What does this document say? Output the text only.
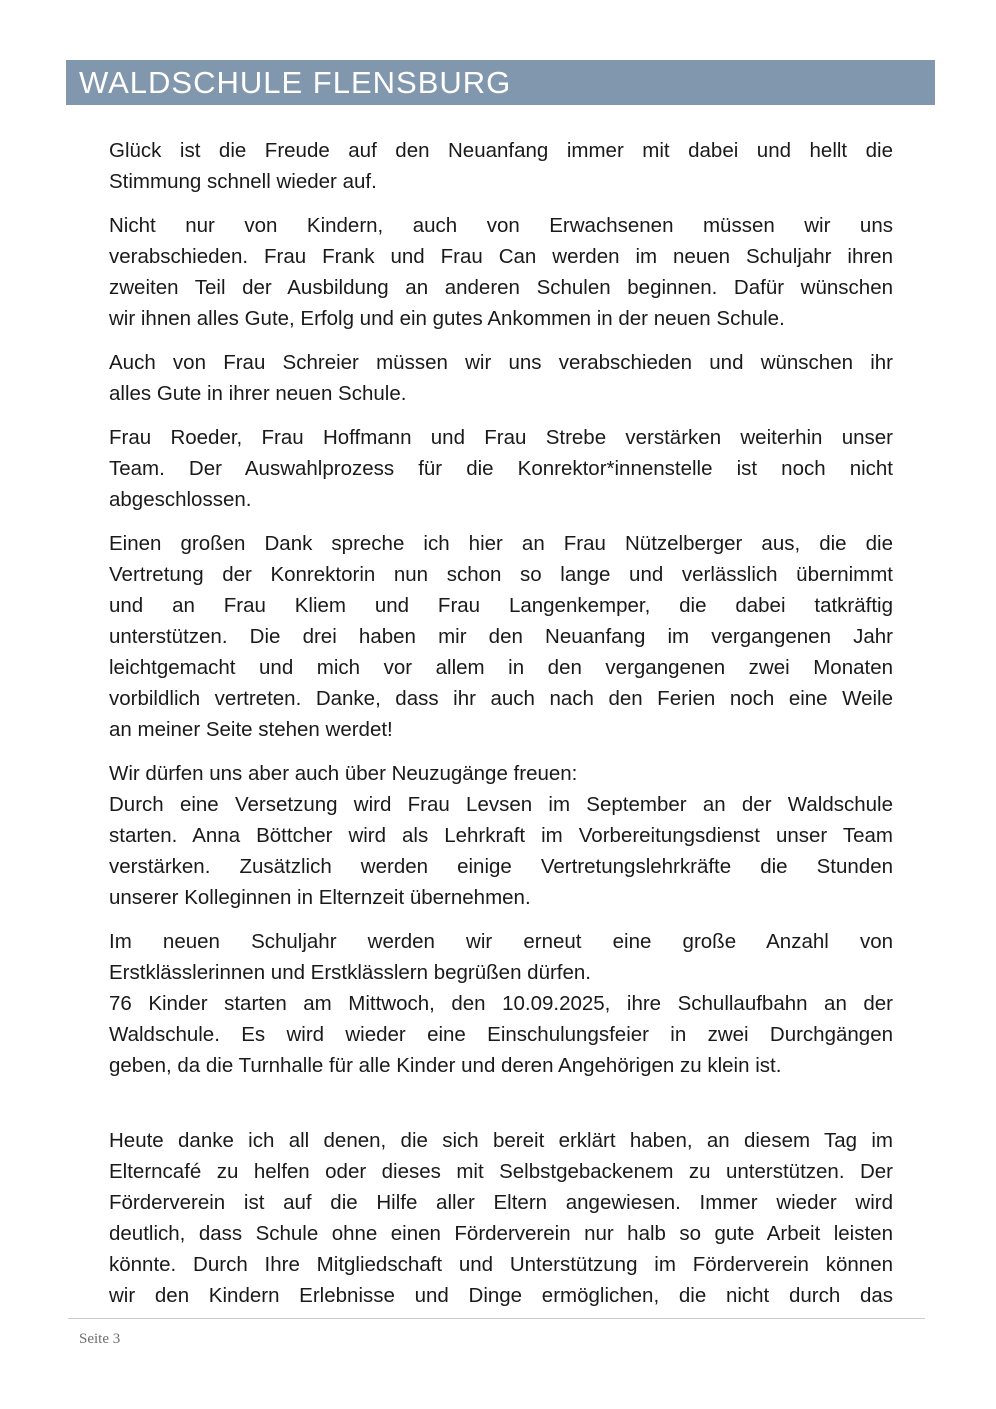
WALDSCHULE FLENSBURG
Glück ist die Freude auf den Neuanfang immer mit dabei und hellt die
Stimmung schnell wieder auf.
Nicht nur von Kindern, auch von Erwachsenen müssen wir uns
verabschieden. Frau Frank und Frau Can werden im neuen Schuljahr ihren
zweiten Teil der Ausbildung an anderen Schulen beginnen. Dafür wünschen
wir ihnen alles Gute, Erfolg und ein gutes Ankommen in der neuen Schule.
Auch von Frau Schreier müssen wir uns verabschieden und wünschen ihr
alles Gute in ihrer neuen Schule.
Frau Roeder, Frau Hoffmann und Frau Strebe verstärken weiterhin unser
Team. Der Auswahlprozess für die Konrektor*innenstelle ist noch nicht
abgeschlossen.
Einen großen Dank spreche ich hier an Frau Nützelberger aus, die die
Vertretung der Konrektorin nun schon so lange und verlässlich übernimmt
und an Frau Kliem und Frau Langenkemper, die dabei tatkräftig
unterstützen. Die drei haben mir den Neuanfang im vergangenen Jahr
leichtgemacht und mich vor allem in den vergangenen zwei Monaten
vorbildlich vertreten. Danke, dass ihr auch nach den Ferien noch eine Weile
an meiner Seite stehen werdet!
Wir dürfen uns aber auch über Neuzugänge freuen:
Durch eine Versetzung wird Frau Levsen im September an der Waldschule
starten. Anna Böttcher wird als Lehrkraft im Vorbereitungsdienst unser Team
verstärken. Zusätzlich werden einige Vertretungslehrkräfte die Stunden
unserer Kolleginnen in Elternzeit übernehmen.
Im neuen Schuljahr werden wir erneut eine große Anzahl von
Erstklässlerinnen und Erstklässlern begrüßen dürfen.
76 Kinder starten am Mittwoch, den 10.09.2025, ihre Schullaufbahn an der
Waldschule. Es wird wieder eine Einschulungsfeier in zwei Durchgängen
geben, da die Turnhalle für alle Kinder und deren Angehörigen zu klein ist.
Heute danke ich all denen, die sich bereit erklärt haben, an diesem Tag im
Elterncafé zu helfen oder dieses mit Selbstgebackenem zu unterstützen. Der
Förderverein ist auf die Hilfe aller Eltern angewiesen. Immer wieder wird
deutlich, dass Schule ohne einen Förderverein nur halb so gute Arbeit leisten
könnte. Durch Ihre Mitgliedschaft und Unterstützung im Förderverein können
wir den Kindern Erlebnisse und Dinge ermöglichen, die nicht durch das
Seite 3
